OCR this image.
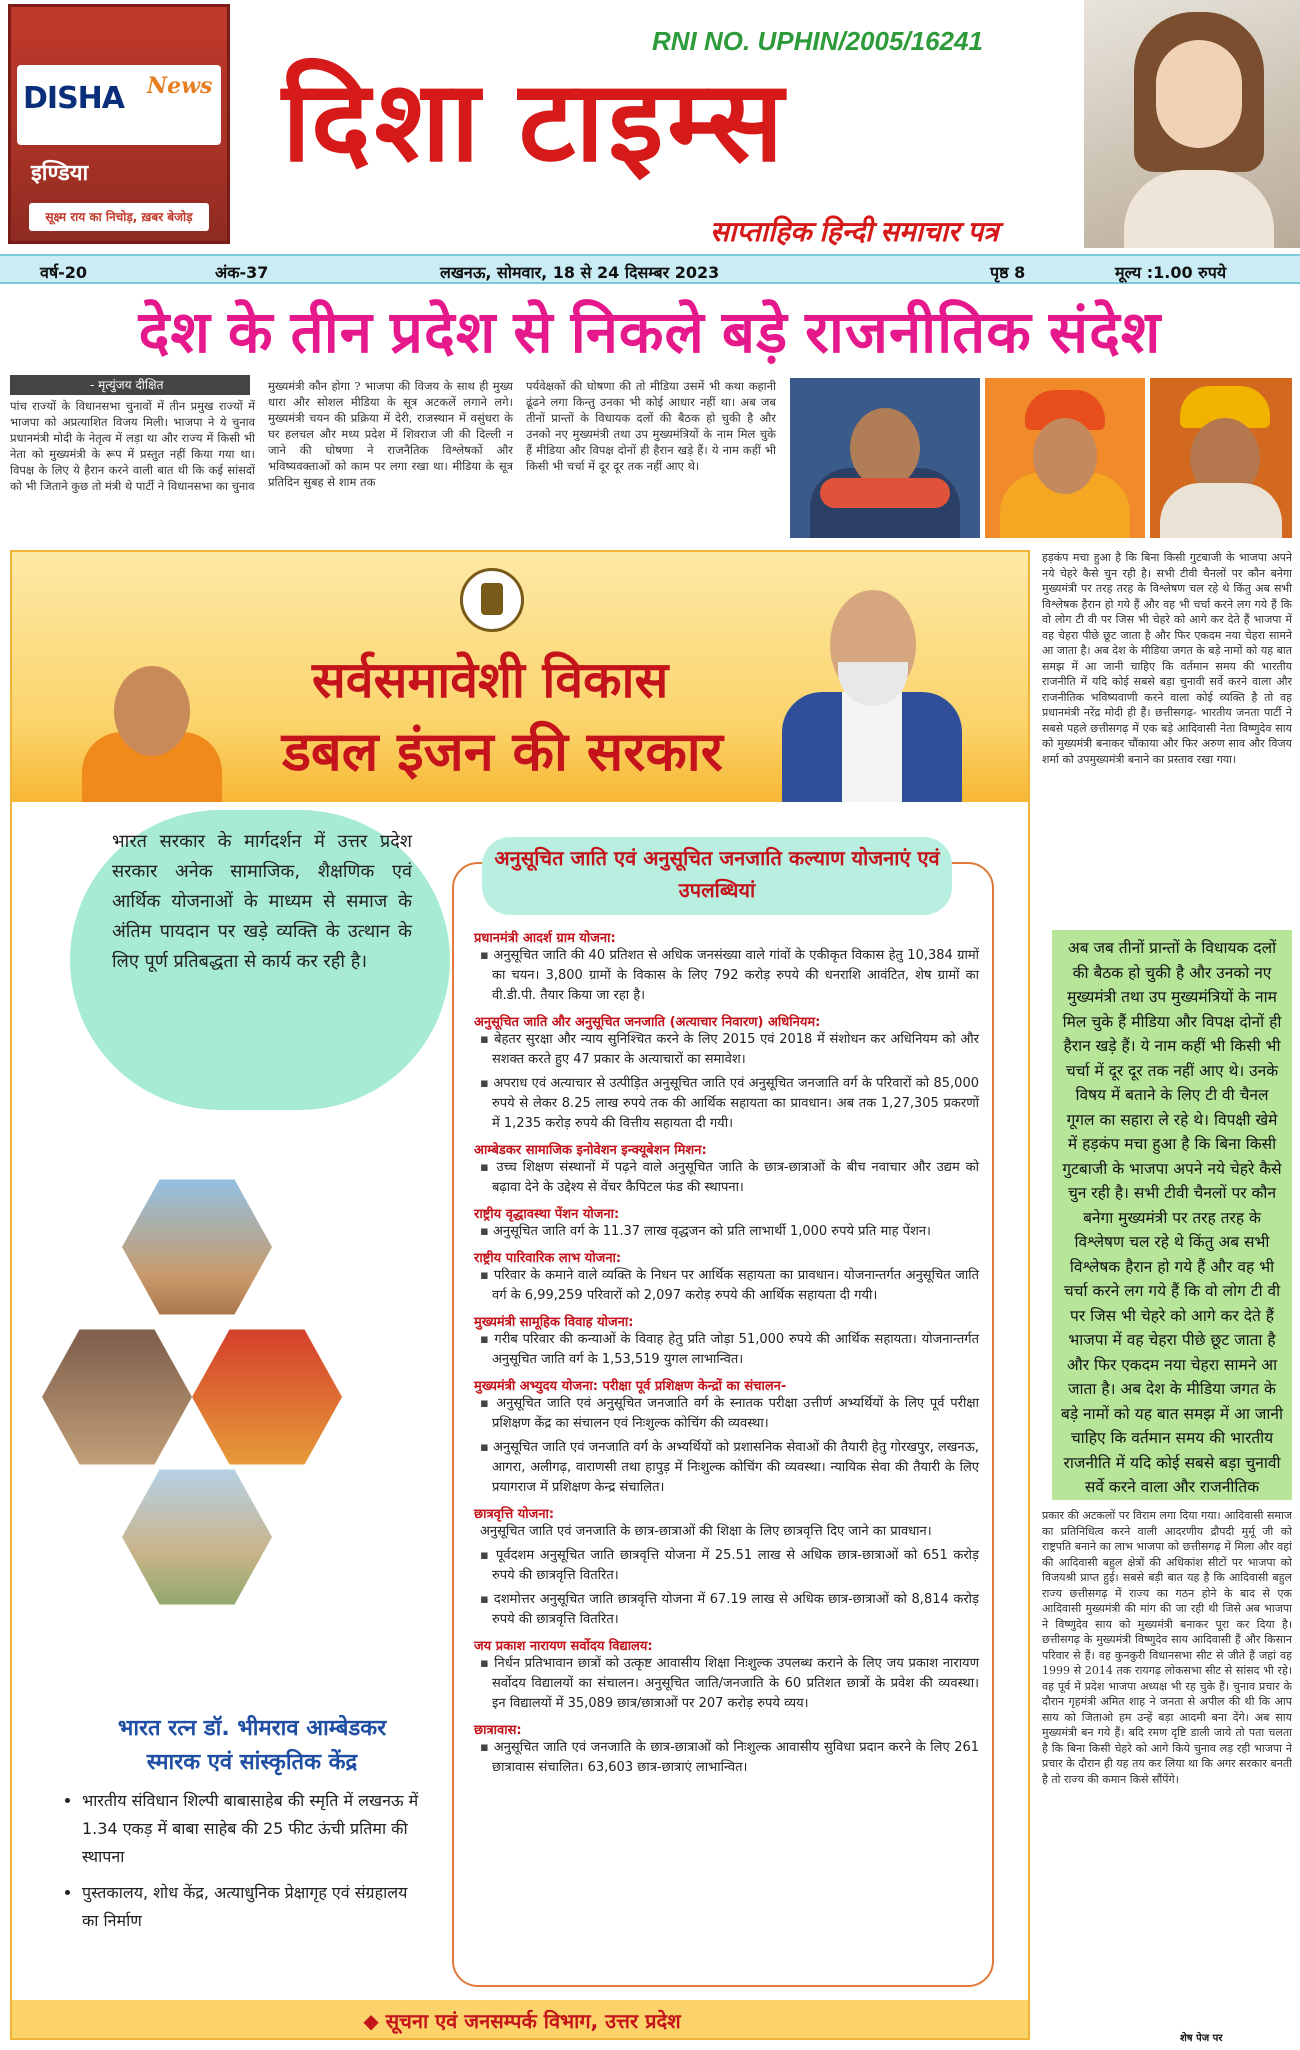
DISHA News
इण्डिया
सूक्ष्म राय का निचोड़, ख़बर बेजोड़
RNI NO. UPHIN/2005/16241
दिशा टाइम्स
साप्ताहिक हिन्दी समाचार पत्र
वर्ष-20	अंक-37	लखनऊ, सोमवार, 18 से 24 दिसम्बर 2023	पृष्ठ 8	मूल्य :1.00 रुपये
देश के तीन प्रदेश से निकले बड़े राजनीतिक संदेश
- मृत्युंजय दीक्षित
पांच राज्यों के विधानसभा चुनावों में तीन प्रमुख राज्यों में भाजपा को अप्रत्याशित विजय मिली। भाजपा ने ये चुनाव प्रधानमंत्री मोदी के नेतृत्व में लड़ा था और राज्य में किसी भी नेता को मुख्यमंत्री के रूप में प्रस्तुत नहीं किया गया था। विपक्ष के लिए ये हैरान करने वाली बात थी कि कई सांसदों को भी जिताने कुछ तो मंत्री थे पार्टी ने विधानसभा का चुनाव
मुख्यमंत्री कौन होगा ? भाजपा की विजय के साथ ही मुख्य धारा और सोशल मीडिया के सूत्र अटकलें लगाने लगे। मुख्यमंत्री चयन की प्रक्रिया में देरी, राजस्थान में वसुंधरा के घर हलचल और मध्य प्रदेश में शिवराज जी की दिल्ली न जाने की घोषणा ने राजनैतिक विश्लेषकों और भविष्यवक्ताओं को काम पर लगा रखा था। मीडिया के सूत्र प्रतिदिन सुबह से शाम तक
पर्यवेक्षकों की घोषणा की तो मीडिया उसमें भी कथा कहानी ढूंढने लगा किन्तु उनका भी कोई आधार नहीं था। अब जब तीनों प्रान्तों के विधायक दलों की बैठक हो चुकी है और उनको नए मुख्यमंत्री तथा उप मुख्यमंत्रियों के नाम मिल चुके हैं मीडिया और विपक्ष दोनों ही हैरान खड़े हैं। ये नाम कहीं भी किसी भी चर्चा में दूर दूर तक नहीं आए थे।
सर्वसमावेशी विकास
डबल इंजन की सरकार
भारत सरकार के मार्गदर्शन में उत्तर प्रदेश सरकार अनेक सामाजिक, शैक्षणिक एवं आर्थिक योजनाओं के माध्यम से समाज के अंतिम पायदान पर खड़े व्यक्ति के उत्थान के लिए पूर्ण प्रतिबद्धता से कार्य कर रही है।
भारत रत्न डॉ. भीमराव आम्बेडकर स्मारक एवं सांस्कृतिक केंद्र
• भारतीय संविधान शिल्पी बाबासाहेब की स्मृति में लखनऊ में 1.34 एकड़ में बाबा साहेब की 25 फीट ऊंची प्रतिमा की स्थापना
• पुस्तकालय, शोध केंद्र, अत्याधुनिक प्रेक्षागृह एवं संग्रहालय का निर्माण
अनुसूचित जाति एवं अनुसूचित जनजाति कल्याण योजनाएं एवं उपलब्धियां
प्रधानमंत्री आदर्श ग्राम योजना:

▪ अनुसूचित जाति की 40 प्रतिशत से अधिक जनसंख्या वाले गांवों के एकीकृत विकास हेतु 10,384 ग्रामों का चयन। 3,800 ग्रामों के विकास के लिए 792 करोड़ रुपये की धनराशि आवंटित, शेष ग्रामों का वी.डी.पी. तैयार किया जा रहा है।

अनुसूचित जाति और अनुसूचित जनजाति (अत्याचार निवारण) अधिनियम:

▪ बेहतर सुरक्षा और न्याय सुनिश्चित करने के लिए 2015 एवं 2018 में संशोधन कर अधिनियम को और सशक्त करते हुए 47 प्रकार के अत्याचारों का समावेश।

▪ अपराध एवं अत्याचार से उत्पीड़ित अनुसूचित जाति एवं अनुसूचित जनजाति वर्ग के परिवारों को 85,000 रुपये से लेकर 8.25 लाख रुपये तक की आर्थिक सहायता का प्रावधान। अब तक 1,27,305 प्रकरणों में 1,235 करोड़ रुपये की वित्तीय सहायता दी गयी।

आम्बेडकर सामाजिक इनोवेशन इन्क्यूबेशन मिशन:

▪ उच्च शिक्षण संस्थानों में पढ़ने वाले अनुसूचित जाति के छात्र-छात्राओं के बीच नवाचार और उद्यम को बढ़ावा देने के उद्देश्य से वेंचर कैपिटल फंड की स्थापना।

राष्ट्रीय वृद्धावस्था पेंशन योजना:

▪ अनुसूचित जाति वर्ग के 11.37 लाख वृद्धजन को प्रति लाभार्थी 1,000 रुपये प्रति माह पेंशन।

राष्ट्रीय पारिवारिक लाभ योजना:

▪ परिवार के कमाने वाले व्यक्ति के निधन पर आर्थिक सहायता का प्रावधान। योजनान्तर्गत अनुसूचित जाति वर्ग के 6,99,259 परिवारों को 2,097 करोड़ रुपये की आर्थिक सहायता दी गयी।

मुख्यमंत्री सामूहिक विवाह योजना:

▪ गरीब परिवार की कन्याओं के विवाह हेतु प्रति जोड़ा 51,000 रुपये की आर्थिक सहायता। योजनान्तर्गत अनुसूचित जाति वर्ग के 1,53,519 युगल लाभान्वित।

मुख्यमंत्री अभ्युदय योजना: परीक्षा पूर्व प्रशिक्षण केन्द्रों का संचालन-

▪ अनुसूचित जाति एवं अनुसूचित जनजाति वर्ग के स्नातक परीक्षा उत्तीर्ण अभ्यर्थियों के लिए पूर्व परीक्षा प्रशिक्षण केंद्र का संचालन एवं निःशुल्क कोचिंग की व्यवस्था।

▪ अनुसूचित जाति एवं जनजाति वर्ग के अभ्यर्थियों को प्रशासनिक सेवाओं की तैयारी हेतु गोरखपुर, लखनऊ, आगरा, अलीगढ़, वाराणसी तथा हापुड़ में निःशुल्क कोचिंग की व्यवस्था। न्यायिक सेवा की तैयारी के लिए प्रयागराज में प्रशिक्षण केन्द्र संचालित।

छात्रवृत्ति योजना:

अनुसूचित जाति एवं जनजाति के छात्र-छात्राओं की शिक्षा के लिए छात्रवृत्ति दिए जाने का प्रावधान।

▪ पूर्वदशम अनुसूचित जाति छात्रवृत्ति योजना में 25.51 लाख से अधिक छात्र-छात्राओं को 651 करोड़ रुपये की छात्रवृत्ति वितरित।

▪ दशमोत्तर अनुसूचित जाति छात्रवृत्ति योजना में 67.19 लाख से अधिक छात्र-छात्राओं को 8,814 करोड़ रुपये की छात्रवृत्ति वितरित।

जय प्रकाश नारायण सर्वोदय विद्यालय:

▪ निर्धन प्रतिभावान छात्रों को उत्कृष्ट आवासीय शिक्षा निःशुल्क उपलब्ध कराने के लिए जय प्रकाश नारायण सर्वोदय विद्यालयों का संचालन। अनुसूचित जाति/जनजाति के 60 प्रतिशत छात्रों के प्रवेश की व्यवस्था। इन विद्यालयों में 35,089 छात्र/छात्राओं पर 207 करोड़ रुपये व्यय।

छात्रावास:

▪ अनुसूचित जाति एवं जनजाति के छात्र-छात्राओं को निःशुल्क आवासीय सुविधा प्रदान करने के लिए 261 छात्रावास संचालित। 63,603 छात्र-छात्राएं लाभान्वित।

◆ सूचना एवं जनसम्पर्क विभाग, उत्तर प्रदेश
हड़कंप मचा हुआ है कि बिना किसी गुटबाजी के भाजपा अपने नये चेहरे कैसे चुन रही है। सभी टीवी चैनलों पर कौन बनेगा मुख्यमंत्री पर तरह तरह के विश्लेषण चल रहे थे किंतु अब सभी विश्लेषक हैरान हो गये हैं और वह भी चर्चा करने लग गये हैं कि वो लोग टी वी पर जिस भी चेहरे को आगे कर देते हैं भाजपा में वह चेहरा पीछे छूट जाता है और फिर एकदम नया चेहरा सामने आ जाता है। अब देश के मीडिया जगत के बड़े नामों को यह बात समझ में आ जानी चाहिए कि वर्तमान समय की भारतीय राजनीति में यदि कोई सबसे बड़ा चुनावी सर्वे करने वाला और राजनीतिक भविष्यवाणी करने वाला कोई व्यक्ति है तो वह प्रधानमंत्री नरेंद्र मोदी ही हैं। छत्तीसगढ़- भारतीय जनता पार्टी ने सबसे पहले छत्तीसगढ़ में एक बड़े आदिवासी नेता विष्णुदेव साय को मुख्यमंत्री बनाकर चौंकाया और फिर अरुण साव और विजय शर्मा को उपमुख्यमंत्री बनाने का प्रस्ताव रखा गया।
अब जब तीनों प्रान्तों के विधायक दलों की बैठक हो चुकी है और उनको नए मुख्यमंत्री तथा उप मुख्यमंत्रियों के नाम मिल चुके हैं मीडिया और विपक्ष दोनों ही हैरान खड़े हैं। ये नाम कहीं भी किसी भी चर्चा में दूर दूर तक नहीं आए थे। उनके विषय में बताने के लिए टी वी चैनल गूगल का सहारा ले रहे थे। विपक्षी खेमे में हड़कंप मचा हुआ है कि बिना किसी गुटबाजी के भाजपा अपने नये चेहरे कैसे चुन रही है। सभी टीवी चैनलों पर कौन बनेगा मुख्यमंत्री पर तरह तरह के विश्लेषण चल रहे थे किंतु अब सभी विश्लेषक हैरान हो गये हैं और वह भी चर्चा करने लग गये हैं कि वो लोग टी वी पर जिस भी चेहरे को आगे कर देते हैं भाजपा में वह चेहरा पीछे छूट जाता है और फिर एकदम नया चेहरा सामने आ जाता है। अब देश के मीडिया जगत के बड़े नामों को यह बात समझ में आ जानी चाहिए कि वर्तमान समय की भारतीय राजनीति में यदि कोई सबसे बड़ा चुनावी सर्वे करने वाला और राजनीतिक
प्रकार की अटकलों पर विराम लगा दिया गया। आदिवासी समाज का प्रतिनिधित्व करने वाली आदरणीय द्रौपदी मुर्मू जी को राष्ट्रपति बनाने का लाभ भाजपा को छत्तीसगढ़ में मिला और वहां की आदिवासी बहुल क्षेत्रों की अधिकांश सीटों पर भाजपा को विजयश्री प्राप्त हुई। सबसे बड़ी बात यह है कि आदिवासी बहुल राज्य छत्तीसगढ़ में राज्य का गठन होने के बाद से एक आदिवासी मुख्यमंत्री की मांग की जा रही थी जिसे अब भाजपा ने विष्णुदेव साय को मुख्यमंत्री बनाकर पूरा कर दिया है। छत्तीसगढ़ के मुख्यमंत्री विष्णुदेव साय आदिवासी हैं और किसान परिवार से हैं। वह कुनकुरी विधानसभा सीट से जीते हैं जहां वह 1999 से 2014 तक रायगढ़ लोकसभा सीट से सांसद भी रहे। वह पूर्व में प्रदेश भाजपा अध्यक्ष भी रह चुके हैं। चुनाव प्रचार के दौरान गृहमंत्री अमित शाह ने जनता से अपील की थी कि आप साय को जिताओ हम उन्हें बड़ा आदमी बना देंगे। अब साय मुख्यमंत्री बन गये हैं। बदि रमण दृष्टि डाली जाये तो पता चलता है कि बिना किसी चेहरे को आगे किये चुनाव लड़ रही भाजपा ने प्रचार के दौरान ही यह तय कर लिया था कि अगर सरकार बनती है तो राज्य की कमान किसे सौंपेंगे।
शेष पेज पर
